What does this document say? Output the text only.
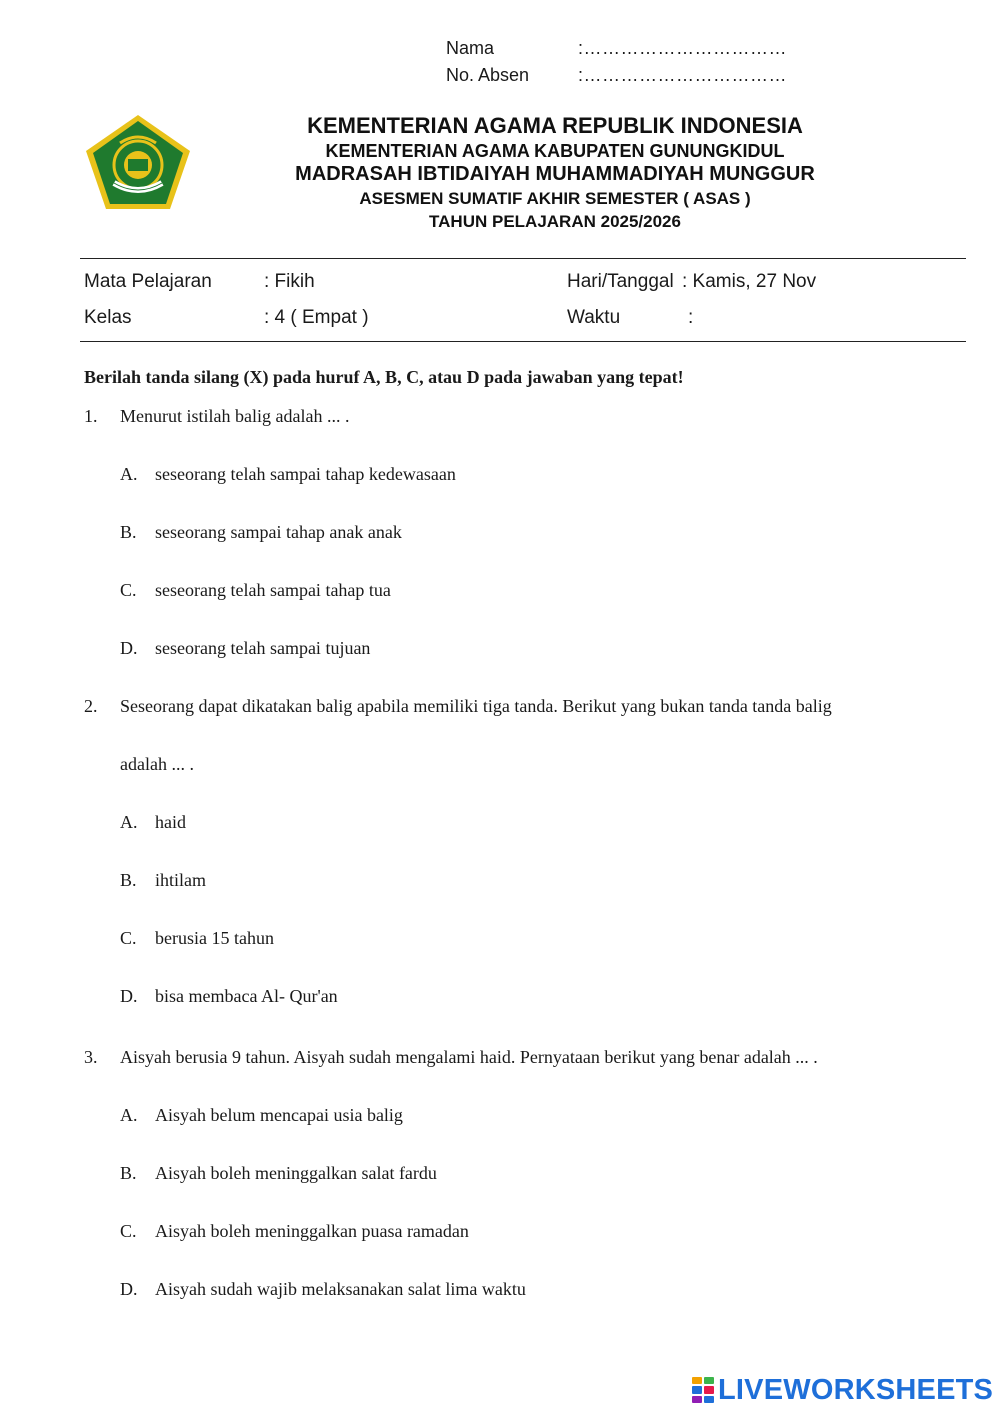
Nama	:……………………………
No. Absen	:……………………………
KEMENTERIAN AGAMA REPUBLIK INDONESIA
KEMENTERIAN AGAMA KABUPATEN GUNUNGKIDUL
MADRASAH IBTIDAIYAH MUHAMMADIYAH MUNGGUR
ASESMEN SUMATIF AKHIR SEMESTER ( ASAS )
TAHUN PELAJARAN 2025/2026
Mata Pelajaran	: Fikih	Hari/Tanggal : Kamis, 27 Nov
Kelas	: 4 ( Empat )	Waktu	:
Berilah tanda silang (X) pada huruf A, B, C, atau D pada jawaban yang tepat!
1.	Menurut istilah balig adalah ... .
A. seseorang telah sampai tahap kedewasaan
B. seseorang sampai tahap anak anak
C. seseorang telah sampai tahap tua
D. seseorang telah sampai tujuan
2.	Seseorang dapat dikatakan balig apabila memiliki tiga tanda. Berikut yang bukan tanda tanda balig
adalah ... .
A. haid
B. ihtilam
C. berusia 15 tahun
D. bisa membaca Al- Qur'an
3.	Aisyah berusia 9 tahun. Aisyah sudah mengalami haid. Pernyataan berikut yang benar adalah ... .
A. Aisyah belum mencapai usia balig
B. Aisyah boleh meninggalkan salat fardu
C. Aisyah boleh meninggalkan puasa ramadan
D. Aisyah sudah wajib melaksanakan salat lima waktu
LIVEWORKSHEETS
